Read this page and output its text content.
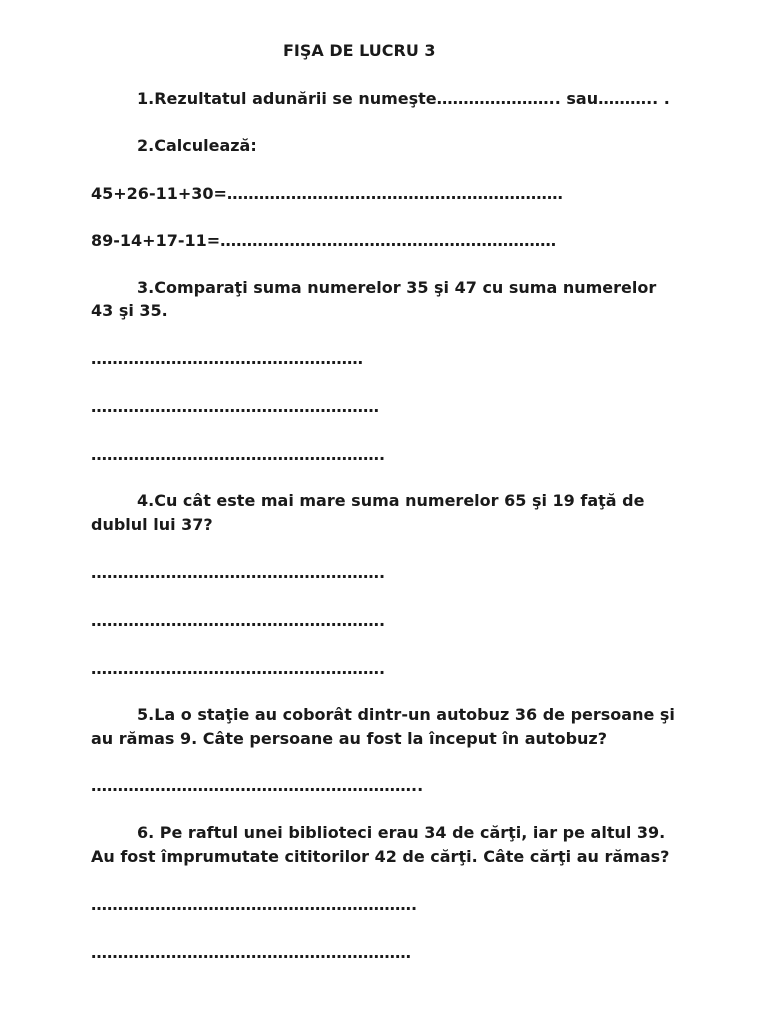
FIŞA DE LUCRU 3
1.Rezultatul adunării se numeşte………………….. sau……….. .
2.Calculează:
45+26-11+30=………………………………………………………
89-14+17-11=………………………………………………………
3.Comparaţi suma numerelor 35 şi 47 cu suma numerelor
43 şi 35.
……………………………………………
………………………………………………
……………………………………………….
4.Cu cât este mai mare suma numerelor 65 şi 19 faţă de
dublul lui 37?
……………………………………………….
……………………………………………….
……………………………………………….
5.La o staţie au coborât dintr-un autobuz 36 de persoane şi
au rămas 9. Câte persoane au fost la început în autobuz?
……………………………………………………..
6. Pe raftul unei biblioteci erau 34 de cărţi, iar pe altul 39.
Au fost împrumutate cititorilor 42 de cărţi. Câte cărţi au rămas?
…………………………………………………….
……………………………………………………
